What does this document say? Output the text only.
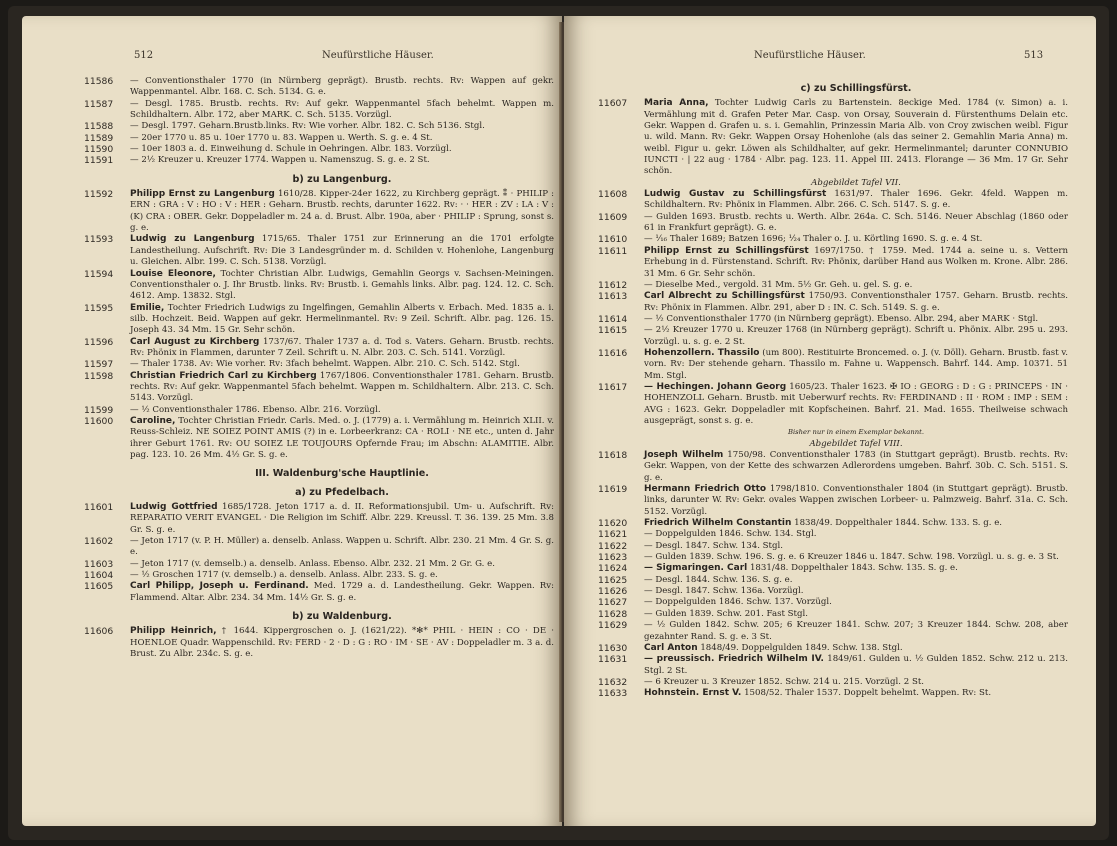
512	Neufürstliche Häuser.
11586 — Conventionsthaler 1770 (in Nürnberg geprägt). Brustb. rechts. Rv: Wappen auf gekr. Wappenmantel. Albr. 168. C. Sch. 5134. G. e.
11587 — Desgl. 1785. Brustb. rechts. Rv: Auf gekr. Wappenmantel 5fach behelmt. Wappen m. Schildhaltern. Albr. 172, aber MARK. C. Sch. 5135. Vorzügl.
11588 — Desgl. 1797. Geharn.Brustb.links. Rv: Wie vorher. Albr. 182. C. Sch 5136. Stgl.
11589 — 20er 1770 u. 85 u. 10er 1770 u. 83. Wappen u. Werth. S. g. e. 4 St.
11590 — 10er 1803 a. d. Einweihung d. Schule in Oehringen. Albr. 183. Vorzügl.
11591 — 2½ Kreuzer u. Kreuzer 1774. Wappen u. Namenszug. S. g. e. 2 St.
b) zu Langenburg.
11592 Philipp Ernst zu Langenburg 1610/28. Kipper-24er 1622, zu Kirchberg geprägt. ⁑ · PHILIP : ERN : GRA : V : HO : V : HER : Geharn. Brustb. rechts, darunter 1622. Rv: · · HER : ZV : LA : V : (K) CRA : OBER. Gekr. Doppeladler m. 24 a. d. Brust. Albr. 190a, aber · PHILIP : Sprung, sonst s. g. e.
11593 Ludwig zu Langenburg 1715/65. Thaler 1751 zur Erinnerung an die 1701 erfolgte Landestheilung. Aufschrift. Rv: Die 3 Landesgründer m. d. Schilden v. Hohenlohe, Langenburg u. Gleichen. Albr. 199. C. Sch. 5138. Vorzügl.
11594 Louise Eleonore, Tochter Christian Albr. Ludwigs, Gemahlin Georgs v. Sachsen-Meiningen. Conventionsthaler o. J. Ihr Brustb. links. Rv: Brustb. i. Gemahls links. Albr. pag. 124. 12. C. Sch. 4612. Amp. 13832. Stgl.
11595 Emilie, Tochter Friedrich Ludwigs zu Ingelfingen, Gemahlin Alberts v. Erbach. Med. 1835 a. i. silb. Hochzeit. Beid. Wappen auf gekr. Hermelinmantel. Rv: 9 Zeil. Schrift. Albr. pag. 126. 15. Joseph 43. 34 Mm. 15 Gr. Sehr schön.
11596 Carl August zu Kirchberg 1737/67. Thaler 1737 a. d. Tod s. Vaters. Geharn. Brustb. rechts. Rv: Phönix in Flammen, darunter 7 Zeil. Schrift u. N. Albr. 203. C. Sch. 5141. Vorzügl.
11597 — Thaler 1738. Av: Wie vorher. Rv: 3fach behelmt. Wappen. Albr. 210. C. Sch. 5142. Stgl.
11598 Christian Friedrich Carl zu Kirchberg 1767/1806. Conventionsthaler 1781. Geharn. Brustb. rechts. Rv: Auf gekr. Wappenmantel 5fach behelmt. Wappen m. Schildhaltern. Albr. 213. C. Sch. 5143. Vorzügl.
11599 — ½ Conventionsthaler 1786. Ebenso. Albr. 216. Vorzügl.
11600 Caroline, Tochter Christian Friedr. Carls. Med. o. J. (1779) a. i. Vermählung m. Heinrich XLII. v. Reuss-Schleiz. NE SOIEZ POINT AMIS (?) in e. Lorbeerkranz: CA · ROLI · NE etc., unten d. Jahr ihrer Geburt 1761. Rv: OU SOIEZ LE TOUJOURS Opfernde Frau; im Abschn: ALAMITIE. Albr. pag. 123. 10. 26 Mm. 4½ Gr. S. g. e.
III. Waldenburg'sche Hauptlinie.
a) zu Pfedelbach.
11601 Ludwig Gottfried 1685/1728. Jeton 1717 a. d. II. Reformationsjubil. Um- u. Aufschrift. Rv: REPARATIO VERIT EVANGEL · Die Religion im Schiff. Albr. 229. Kreussl. T. 36. 139. 25 Mm. 3.8 Gr. S. g. e.
11602 — Jeton 1717 (v. P. H. Müller) a. denselb. Anlass. Wappen u. Schrift. Albr. 230. 21 Mm. 4 Gr. S. g. e.
11603 — Jeton 1717 (v. demselb.) a. denselb. Anlass. Ebenso. Albr. 232. 21 Mm. 2 Gr. G. e.
11604 — ½ Groschen 1717 (v. demselb.) a. denselb. Anlass. Albr. 233. S. g. e.
11605 Carl Philipp, Joseph u. Ferdinand. Med. 1729 a. d. Landestheilung. Gekr. Wappen. Rv: Flammend. Altar. Albr. 234. 34 Mm. 14½ Gr. S. g. e.
b) zu Waldenburg.
11606 Philipp Heinrich, † 1644. Kippergroschen o. J. (1621/22). *✻* PHIL · HEIN : CO · DE · HOENLOE Quadr. Wappenschild. Rv: FERD · 2 · D : G : RO · IM · SE · AV : Doppeladler m. 3 a. d. Brust. Zu Albr. 234c. S. g. e.
Neufürstliche Häuser.	513
c) zu Schillingsfürst.
11607 Maria Anna, Tochter Ludwig Carls zu Bartenstein. 8eckige Med. 1784 (v. Simon) a. i. Vermählung mit d. Grafen Peter Mar. Casp. von Orsay, Souverain d. Fürstenthums Delain etc. Gekr. Wappen d. Grafen u. s. i. Gemahlin, Prinzessin Maria Alb. von Croy zwischen weibl. Figur u. wild. Mann. Rv: Gekr. Wappen Orsay Hohenlohe (als das seiner 2. Gemahlin Maria Anna) m. weibl. Figur u. gekr. Löwen als Schildhalter, auf gekr. Hermelinmantel; darunter CONNUBIO IUNCTI · | 22 aug · 1784 · Albr. pag. 123. 11. Appel III. 2413. Florange — 36 Mm. 17 Gr. Sehr schön.
Abgebildet Tafel VII.
11608 Ludwig Gustav zu Schillingsfürst 1631/97. Thaler 1696. Gekr. 4feld. Wappen m. Schildhaltern. Rv: Phönix in Flammen. Albr. 266. C. Sch. 5147. S. g. e.
11609 — Gulden 1693. Brustb. rechts u. Werth. Albr. 264a. C. Sch. 5146. Neuer Abschlag (1860 oder 61 in Frankfurt geprägt). G. e.
11610 — ¹⁄₁₆ Thaler 1689; Batzen 1696; ¹⁄₂₄ Thaler o. J. u. Körtling 1690. S. g. e. 4 St.
11611 Philipp Ernst zu Schillingsfürst 1697/1750. † 1759. Med. 1744 a. seine u. s. Vettern Erhebung in d. Fürstenstand. Schrift. Rv: Phönix, darüber Hand aus Wolken m. Krone. Albr. 286. 31 Mm. 6 Gr. Sehr schön.
11612 — Dieselbe Med., vergold. 31 Mm. 5½ Gr. Geh. u. gel. S. g. e.
11613 Carl Albrecht zu Schillingsfürst 1750/93. Conventionsthaler 1757. Geharn. Brustb. rechts. Rv: Phönix in Flammen. Albr. 291, aber D : IN. C. Sch. 5149. S. g. e.
11614 — ½ Conventionsthaler 1770 (in Nürnberg geprägt). Ebenso. Albr. 294, aber MARK · Stgl.
11615 — 2½ Kreuzer 1770 u. Kreuzer 1768 (in Nürnberg geprägt). Schrift u. Phönix. Albr. 295 u. 293. Vorzügl. u. s. g. e. 2 St.
11616 Hohenzollern. Thassilo (um 800). Restituirte Broncemed. o. J. (v. Döll). Geharn. Brustb. fast v. vorn. Rv: Der stehende geharn. Thassilo m. Fahne u. Wappensch. Bahrf. 144. Amp. 10371. 51 Mm. Stgl.
11617 — Hechingen. Johann Georg 1605/23. Thaler 1623. ✠ IO : GEORG : D : G : PRINCEPS · IN · HOHENZOLL Geharn. Brustb. mit Ueberwurf rechts. Rv: FERDINAND : II · ROM : IMP : SEM : AVG : 1623. Gekr. Doppeladler mit Kopfscheinen. Bahrf. 21. Mad. 1655. Theilweise schwach ausgeprägt, sonst s. g. e.
Bisher nur in einem Exemplar bekannt.
Abgebildet Tafel VIII.
11618 Joseph Wilhelm 1750/98. Conventionsthaler 1783 (in Stuttgart geprägt). Brustb. rechts. Rv: Gekr. Wappen, von der Kette des schwarzen Adlerordens umgeben. Bahrf. 30b. C. Sch. 5151. S. g. e.
11619 Hermann Friedrich Otto 1798/1810. Conventionsthaler 1804 (in Stuttgart geprägt). Brustb. links, darunter W. Rv: Gekr. ovales Wappen zwischen Lorbeer- u. Palmzweig. Bahrf. 31a. C. Sch. 5152. Vorzügl.
11620 Friedrich Wilhelm Constantin 1838/49. Doppelthaler 1844. Schw. 133. S. g. e.
11621 — Doppelgulden 1846. Schw. 134. Stgl.
11622 — Desgl. 1847. Schw. 134. Stgl.
11623 — Gulden 1839. Schw. 196. S. g. e. 6 Kreuzer 1846 u. 1847. Schw. 198. Vorzügl. u. s. g. e. 3 St.
11624 — Sigmaringen. Carl 1831/48. Doppelthaler 1843. Schw. 135. S. g. e.
11625 — Desgl. 1844. Schw. 136. S. g. e.
11626 — Desgl. 1847. Schw. 136a. Vorzügl.
11627 — Doppelgulden 1846. Schw. 137. Vorzügl.
11628 — Gulden 1839. Schw. 201. Fast Stgl.
11629 — ½ Gulden 1842. Schw. 205; 6 Kreuzer 1841. Schw. 207; 3 Kreuzer 1844. Schw. 208, aber gezahnter Rand. S. g. e. 3 St.
11630 Carl Anton 1848/49. Doppelgulden 1849. Schw. 138. Stgl.
11631 — preussisch. Friedrich Wilhelm IV. 1849/61. Gulden u. ½ Gulden 1852. Schw. 212 u. 213. Stgl. 2 St.
11632 — 6 Kreuzer u. 3 Kreuzer 1852. Schw. 214 u. 215. Vorzügl. 2 St.
11633 Hohnstein. Ernst V. 1508/52. Thaler 1537. Doppelt behelmt. Wappen. Rv: St.
